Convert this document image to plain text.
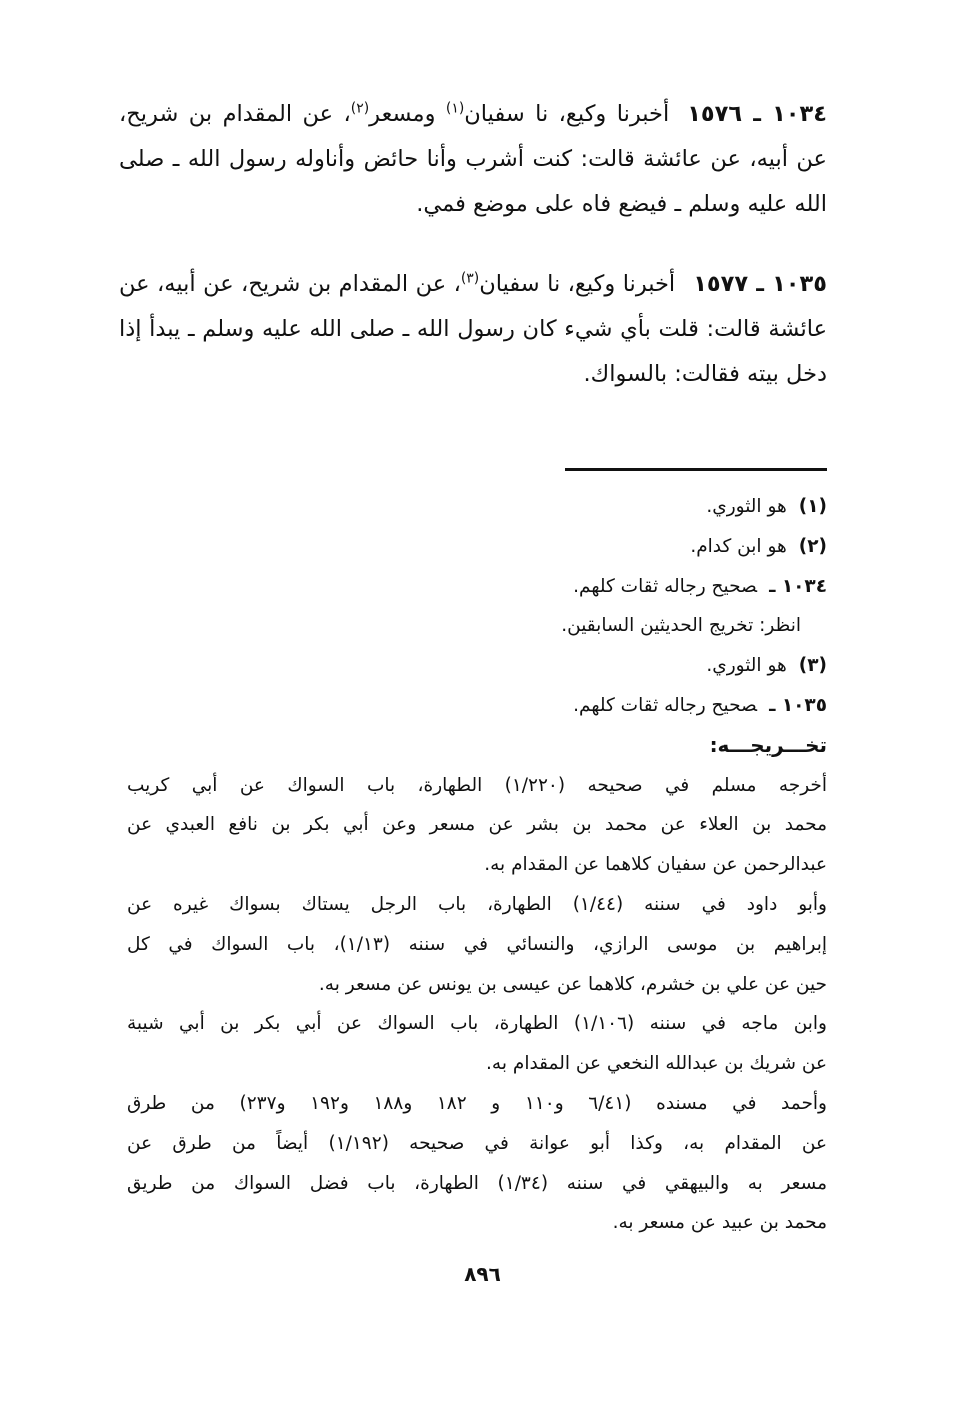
١٠٣٤ ـ ١٥٧٦أخبرنا وكيع، نا سفيان$^{(١)}$ ومسعر$^{(٢)}$، عن المقدام بن شريح، عن أبيه، عن عائشة قالت: كنت أشرب وأنا حائض وأناوله رسول الله ـ صلى الله عليه وسلم ـ فيضع فاه على موضع فمي.

١٠٣٥ ـ ١٥٧٧أخبرنا وكيع، نا سفيان$^{(٣)}$، عن المقدام بن شريح، عن أبيه، عن عائشة قالت: قلت بأي شيء كان رسول الله ـ صلى الله عليه وسلم ـ يبدأ إذا دخل بيته فقالت: بالسواك.

(١)هو الثوري.
(٢)هو ابن كدام.
١٠٣٤ ـصحيح رجاله ثقات كلهم.
انظر: تخريج الحديثين السابقين.
(٣)هو الثوري.
١٠٣٥ ـصحيح رجاله ثقات كلهم.
تخـــريجـــه:
أخرجه مسلم في صحيحه (١/٢٢٠) الطهارة، باب السواك عن أبي كريب
محمد بن العلاء عن محمد بن بشر عن مسعر وعن أبي بكر بن نافع العبدي عن
عبدالرحمن عن سفيان كلاهما عن المقدام به.
وأبو داود في سننه (١/٤٤) الطهارة، باب الرجل يستاك بسواك غيره عن
إبراهيم بن موسى الرازي، والنسائي في سننه (١/١٣)، باب السواك في كل
حين عن علي بن خشرم، كلاهما عن عيسى بن يونس عن مسعر به.
وابن ماجه في سننه (١/١٠٦) الطهارة، باب السواك عن أبي بكر بن أبي شيبة
عن شريك بن عبدالله النخعي عن المقدام به.
وأحمد في مسنده (٦/٤١ و١١٠ و ١٨٢ و١٨٨ و١٩٢ و٢٣٧) من طرق
عن المقدام به، وكذا أبو عوانة في صحيحه (١/١٩٢) أيضاً من طرق عن
مسعر به والبيهقي في سننه (١/٣٤) الطهارة، باب فضل السواك من طريق
محمد بن عبيد عن مسعر به.
٨٩٦
